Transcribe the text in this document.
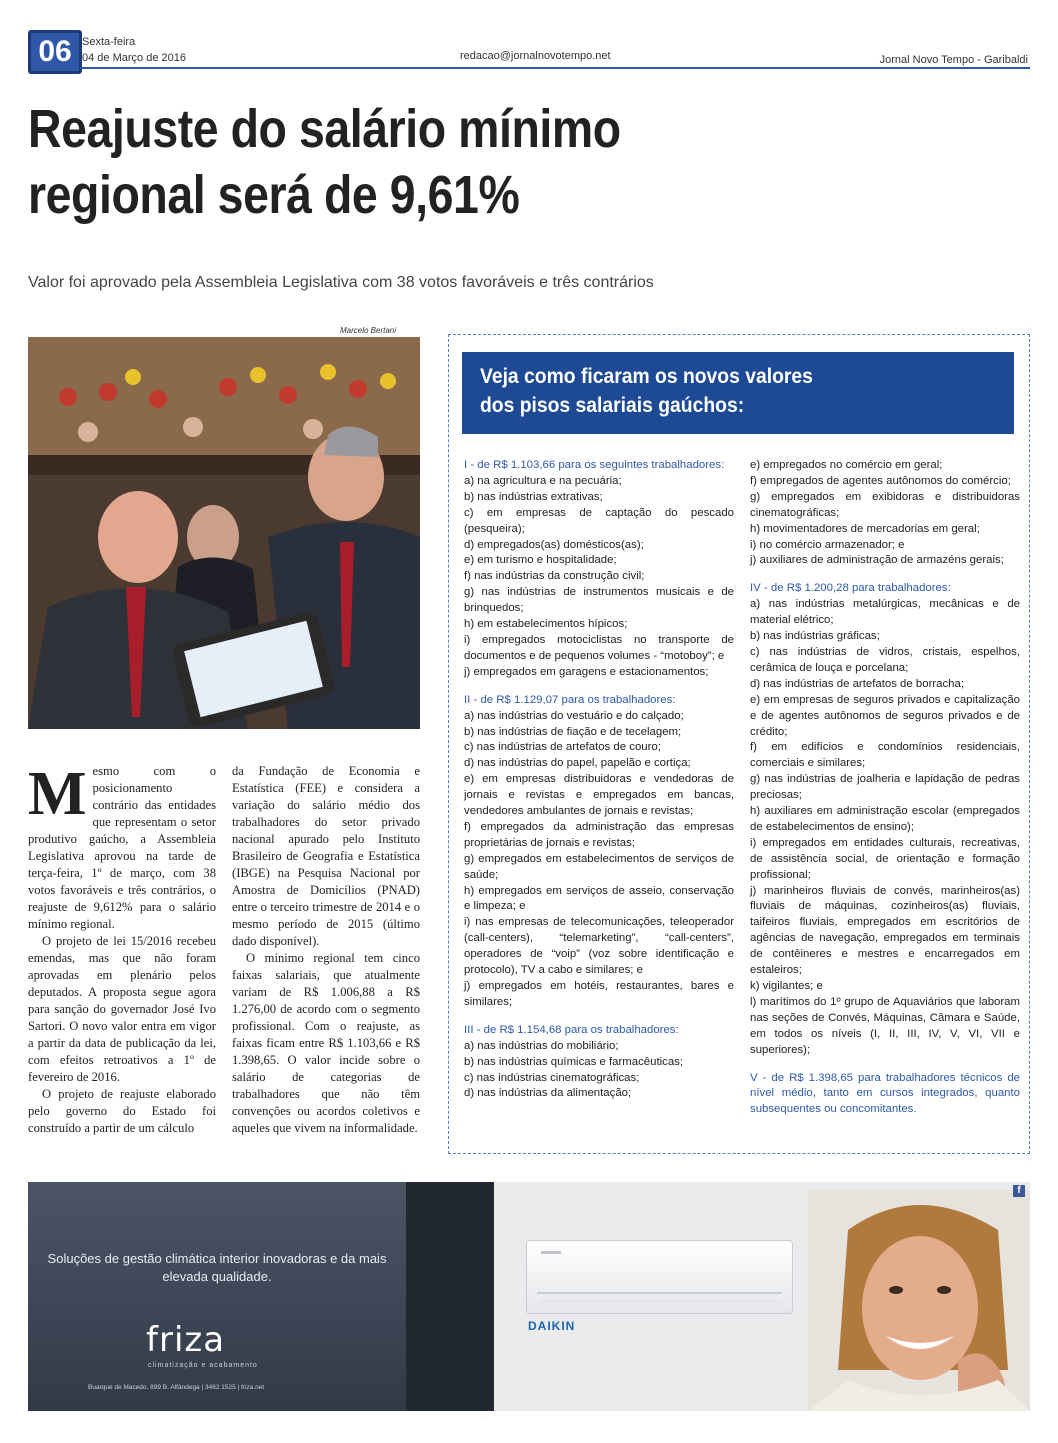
06 Sexta-feira
04 de Março de 2016	redacao@jornalnovotempo.net	Jornal Novo Tempo - Garibaldi
Reajuste do salário mínimo
regional será de 9,61%
Valor foi aprovado pela Assembleia Legislativa com 38 votos favoráveis e três contrários
Marcelo Bertani
M esmo com o posicionamento contrário das entidades que representam o setor produtivo gaúcho, a Assembleia Legislativa aprovou na tarde de terça-feira, 1º de março, com 38 votos favoráveis e três contrários, o reajuste de 9,612% para o salário mínimo regional.

O projeto de lei 15/2016 recebeu emendas, mas que não foram aprovadas em plenário pelos deputados. A proposta segue agora para sanção do governador José Ivo Sartori. O novo valor entra em vigor a partir da data de publicação da lei, com efeitos retroativos a 1º de fevereiro de 2016.

O projeto de reajuste elaborado pelo governo do Estado foi construído a partir de um cálculo

da Fundação de Economia e Estatística (FEE) e considera a variação do salário médio dos trabalhadores do setor privado nacional apurado pelo Instituto Brasileiro de Geografia e Estatística (IBGE) na Pesquisa Nacional por Amostra de Domicílios (PNAD) entre o terceiro trimestre de 2014 e o mesmo período de 2015 (último dado disponível).

O mínimo regional tem cinco faixas salariais, que atualmente variam de R$ 1.006,88 a R$ 1.276,00 de acordo com o segmento profissional. Com o reajuste, as faixas ficam entre R$ 1.103,66 e R$ 1.398,65. O valor incide sobre o salário de categorias de trabalhadores que não têm convenções ou acordos coletivos e aqueles que vivem na informalidade.

Veja como ficaram os novos valores
dos pisos salariais gaúchos:
I - de R$ 1.103,66 para os seguintes trabalhadores:
a) na agricultura e na pecuária;
b) nas indústrias extrativas;
c) em empresas de captação do pescado (pesqueira);
d) empregados(as) domésticos(as);
e) em turismo e hospitalidade;
f) nas indústrias da construção civil;
g) nas indústrias de instrumentos musicais e de brinquedos;
h) em estabelecimentos hípicos;
i) empregados motociclistas no transporte de documentos e de pequenos volumes - “motoboy”; e
j) empregados em garagens e estacionamentos;
II - de R$ 1.129,07 para os trabalhadores:
a) nas indústrias do vestuário e do calçado;
b) nas indústrias de fiação e de tecelagem;
c) nas indústrias de artefatos de couro;
d) nas indústrias do papel, papelão e cortiça;
e) em empresas distribuidoras e vendedoras de jornais e revistas e empregados em bancas, vendedores ambulantes de jornais e revistas;
f) empregados da administração das empresas proprietárias de jornais e revistas;
g) empregados em estabelecimentos de serviços de saúde;
h) empregados em serviços de asseio, conservação e limpeza; e
i) nas empresas de telecomunicações, teleoperador (call-centers), “telemarketing”, “call-centers”, operadores de “voip” (voz sobre identificação e protocolo), TV a cabo e similares; e
j) empregados em hotéis, restaurantes, bares e similares;
III - de R$ 1.154,68 para os trabalhadores:
a) nas indústrias do mobiliário;
b) nas indústrias químicas e farmacêuticas;
c) nas indústrias cinematográficas;
d) nas indústrias da alimentação;
e) empregados no comércio em geral;
f) empregados de agentes autônomos do comércio;
g) empregados em exibidoras e distribuidoras cinematográficas;
h) movimentadores de mercadorias em geral;
i) no comércio armazenador; e
j) auxiliares de administração de armazéns gerais;
IV - de R$ 1.200,28 para trabalhadores:
a) nas indústrias metalúrgicas, mecânicas e de material elétrico;
b) nas indústrias gráficas;
c) nas indústrias de vidros, cristais, espelhos, cerâmica de louça e porcelana;
d) nas indústrias de artefatos de borracha;
e) em empresas de seguros privados e capitalização e de agentes autônomos de seguros privados e de crédito;
f) em edifícios e condomínios residenciais, comerciais e similares;
g) nas indústrias de joalheria e lapidação de pedras preciosas;
h) auxiliares em administração escolar (empregados de estabelecimentos de ensino);
i) empregados em entidades culturais, recreativas, de assistência social, de orientação e formação profissional;
j) marinheiros fluviais de convés, marinheiros(as) fluviais de máquinas, cozinheiros(as) fluviais, taifeiros fluviais, empregados em escritórios de agências de navegação, empregados em terminais de contêineres e mestres e encarregados em estaleiros;
k) vigilantes; e
l) marítimos do 1º grupo de Aquaviários que laboram nas seções de Convés, Máquinas, Câmara e Saúde, em todos os níveis (I, II, III, IV, V, VI, VII e superiores);
V - de R$ 1.398,65 para trabalhadores técnicos de nível médio, tanto em cursos integrados, quanto subsequentes ou concomitantes.
Soluções de gestão climática interior inovadoras e da mais elevada qualidade.
friza
climatização e acabamento
Buarque de Macedo, 899 B. Alfândega | 3462.1525 | friza.net
DAIKIN
f
